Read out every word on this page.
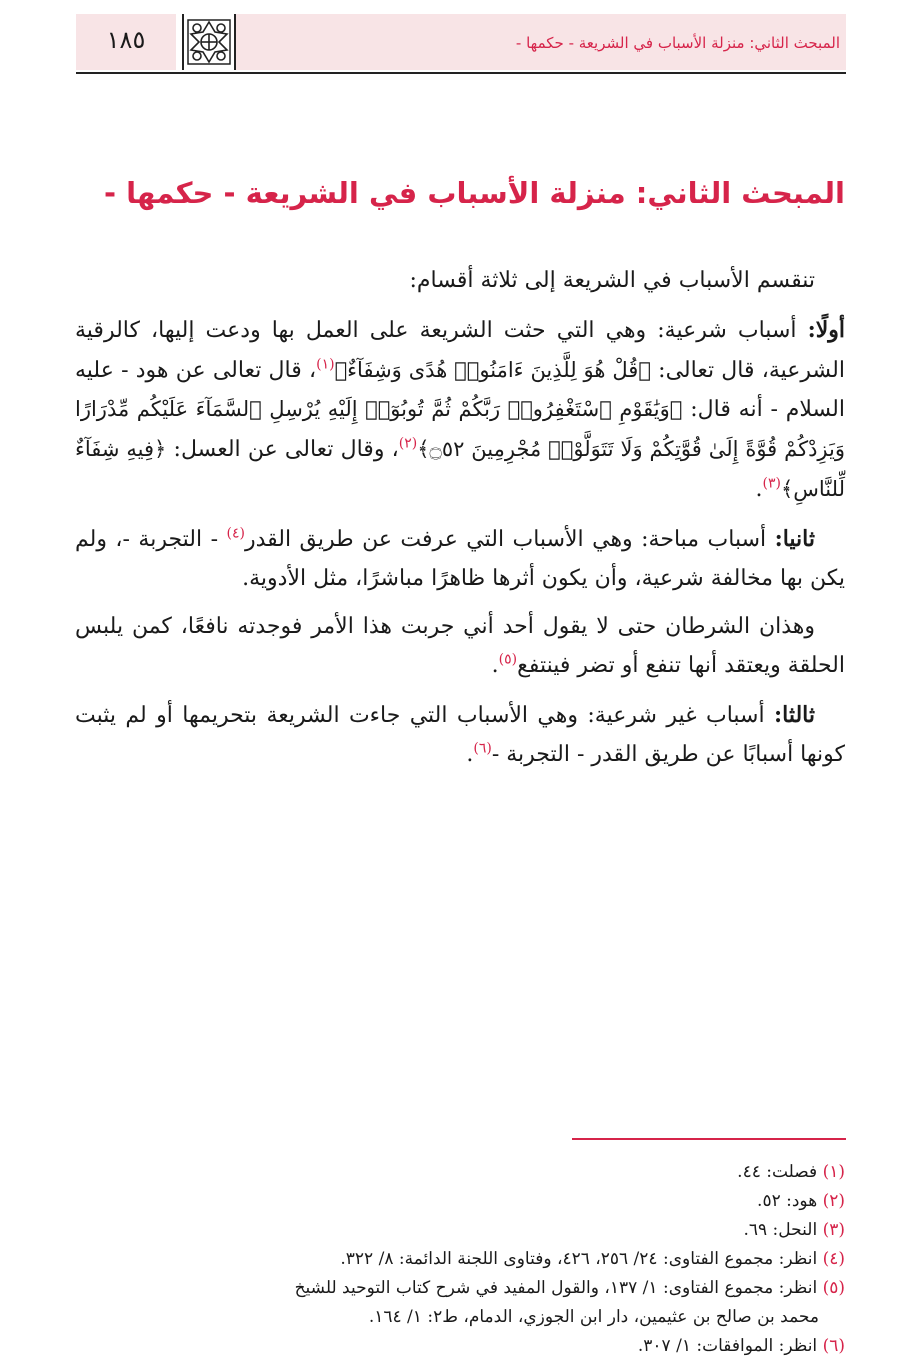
المبحث الثاني: منزلة الأسباب في الشريعة - حكمها -
١٨٥
المبحث الثاني: منزلة الأسباب في الشريعة - حكمها -

تنقسم الأسباب في الشريعة إلى ثلاثة أقسام:

أولًا: أسباب شرعية: وهي التي حثت الشريعة على العمل بها ودعت إليها، كالرقية الشرعية، قال تعالى: ﴿قُلْ هُوَ لِلَّذِينَ ءَامَنُوا۟ هُدًى وَشِفَآءٌ﴾$^{(١)}$، قال تعالى عن هود - عليه السلام - أنه قال: ﴿وَيَٰقَوْمِ ٱسْتَغْفِرُوا۟ رَبَّكُمْ ثُمَّ تُوبُوٓا۟ إِلَيْهِ يُرْسِلِ ٱلسَّمَآءَ عَلَيْكُم مِّدْرَارًا وَيَزِدْكُمْ قُوَّةً إِلَىٰ قُوَّتِكُمْ وَلَا تَتَوَلَّوْا۟ مُجْرِمِينَ ۝٥٢﴾$^{(٢)}$، وقال تعالى عن العسل: ﴿فِيهِ شِفَآءٌ لِّلنَّاسِ﴾$^{(٣)}$.

ثانيا: أسباب مباحة: وهي الأسباب التي عرفت عن طريق القدر$^{(٤)}$ - التجربة -، ولم يكن بها مخالفة شرعية، وأن يكون أثرها ظاهرًا مباشرًا، مثل الأدوية.

وهذان الشرطان حتى لا يقول أحد أني جربت هذا الأمر فوجدته نافعًا، كمن يلبس الحلقة ويعتقد أنها تنفع أو تضر فينتفع$^{(٥)}$.

ثالثا: أسباب غير شرعية: وهي الأسباب التي جاءت الشريعة بتحريمها أو لم يثبت كونها أسبابًا عن طريق القدر - التجربة -$^{(٦)}$.

(١) فصلت: ٤٤.

(٢) هود: ٥٢.

(٣) النحل: ٦٩.

(٤) انظر: مجموع الفتاوى: ٢٤/ ٢٥٦، ٤٢٦، وفتاوى اللجنة الدائمة: ٨/ ٣٢٢.

(٥) انظر: مجموع الفتاوى: ١/ ١٣٧، والقول المفيد في شرح كتاب التوحيد للشيخ

محمد بن صالح بن عثيمين، دار ابن الجوزي، الدمام، ط٢: ١/ ١٦٤.

(٦) انظر: الموافقات: ١/ ٣٠٧.
